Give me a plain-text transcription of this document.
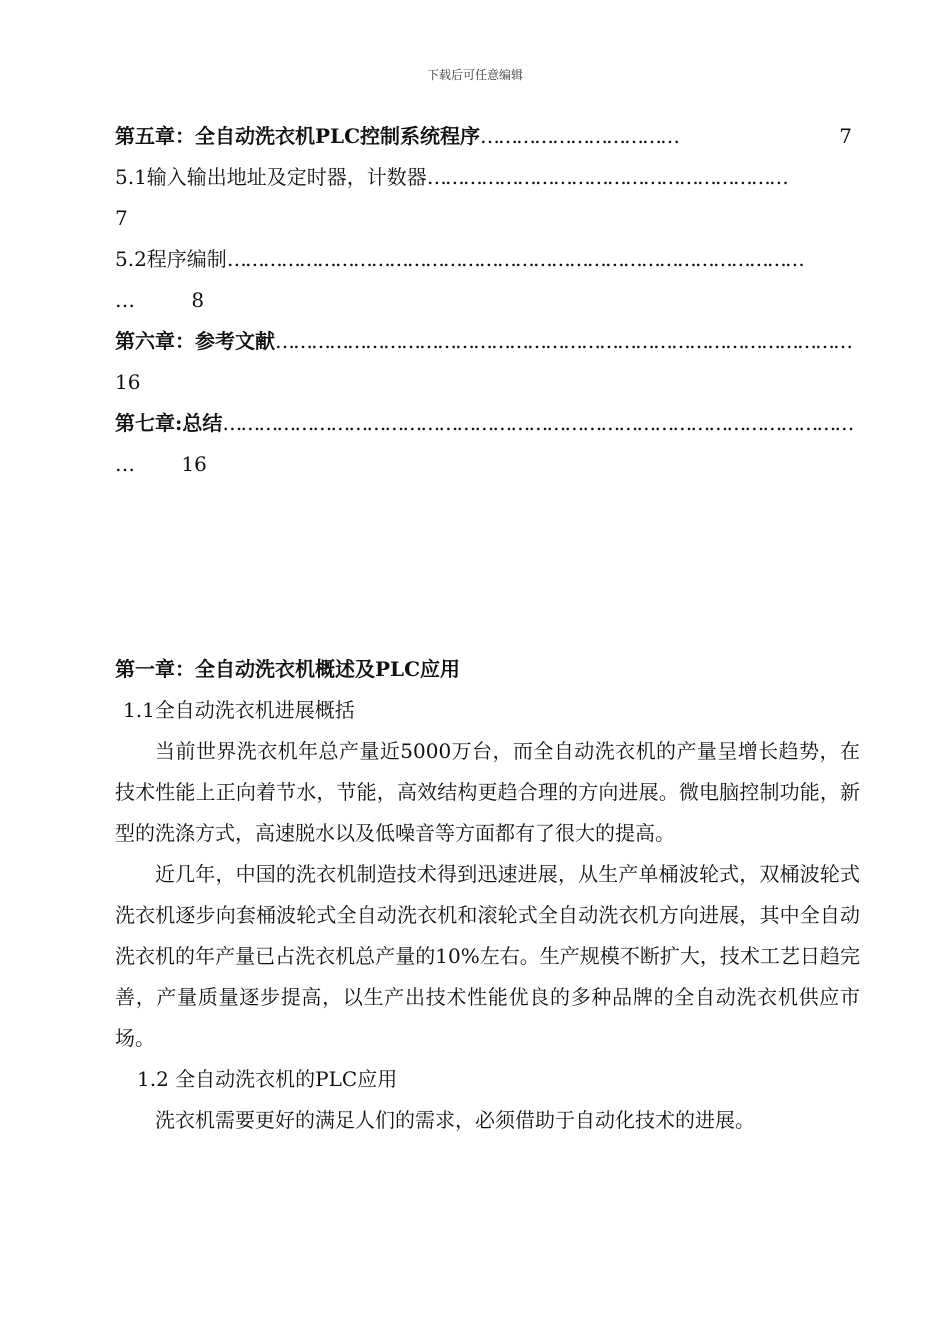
下载后可任意编辑
第五章：全自动洗衣机PLC控制系统程序 ……………………………	7
5.1输入输出地址及定时器，计数器 ……………………………………………………
7
5.2程序编制 ……………………………………………………………………………………
…	8
第六章：参考文献 ……………………………………………………………………………………
16
第七章:总结 ……………………………………………………………………………………………
… 16
第一章：全自动洗衣机概述及PLC应用
1.1全自动洗衣机进展概括
当前世界洗衣机年总产量近5000万台，而全自动洗衣机的产量呈增长趋势，在技术性能上正向着节水，节能，高效结构更趋合理的方向进展。微电脑控制功能，新型的洗涤方式，高速脱水以及低噪音等方面都有了很大的提高。
近几年，中国的洗衣机制造技术得到迅速进展，从生产单桶波轮式，双桶波轮式洗衣机逐步向套桶波轮式全自动洗衣机和滚轮式全自动洗衣机方向进展，其中全自动洗衣机的年产量已占洗衣机总产量的10%左右。生产规模不断扩大，技术工艺日趋完善，产量质量逐步提高，以生产出技术性能优良的多种品牌的全自动洗衣机供应市场。
1.2 全自动洗衣机的PLC应用
洗衣机需要更好的满足人们的需求，必须借助于自动化技术的进展。
